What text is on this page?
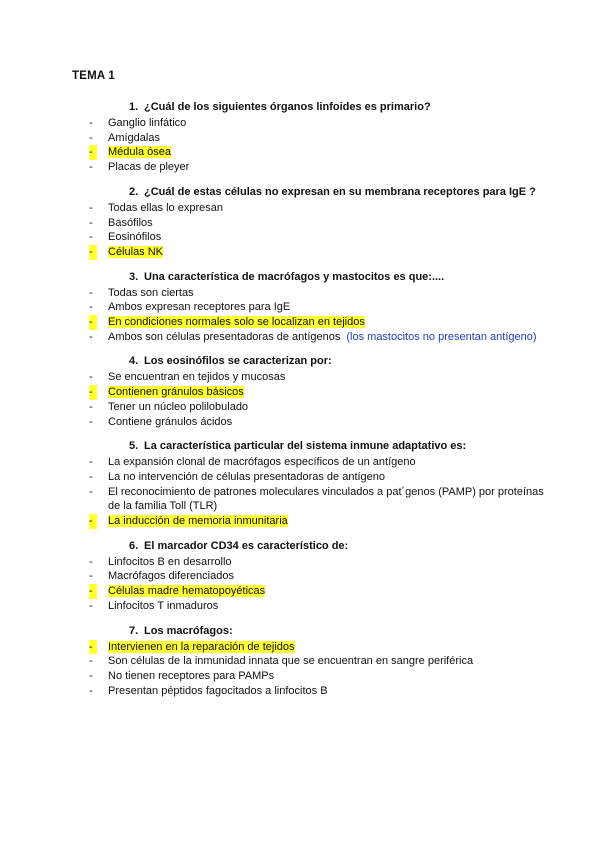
TEMA 1
1. ¿Cuál de los siguientes órganos linfoides es primario?
- Ganglio linfático
- Amígdalas
-	Médula ósea
- Placas de pleyer
2. ¿Cuál de estas células no expresan en su membrana receptores para IgE ?
- Todas ellas lo expresan
- Basófilos
- Eosinófilos
-	Células NK
3. Una característica de macrófagos y mastocitos es que:....
- Todas son ciertas
- Ambos expresan receptores para IgE
-	En condiciones normales solo se localizan en tejidos
- Ambos son células presentadoras de antígenos (los mastocitos no presentan antígeno)
4. Los eosinófilos se caracterizan por:
- Se encuentran en tejidos y mucosas
-	Contienen gránulos básicos
- Tener un núcleo polilobulado
- Contiene gránulos ácidos
5. La característica particular del sistema inmune adaptativo es:
- La expansión clonal de macrófagos específicos de un antígeno
- La no intervención de células presentadoras de antígeno
- El reconocimiento de patrones moleculares vinculados a pat´genos (PAMP) por proteínas de la familia Toll (TLR)
-	La inducción de memoria inmunitaria
6. El marcador CD34 es característico de:
- Linfocitos B en desarrollo
- Macrófagos diferenciados
-	Células madre hematopoyéticas
- Linfocitos T inmaduros
7. Los macrófagos:
-	Intervienen en la reparación de tejidos
- Son células de la inmunidad innata que se encuentran en sangre periférica
- No tienen receptores para PAMPs
- Presentan péptidos fagocitados a linfocitos B
